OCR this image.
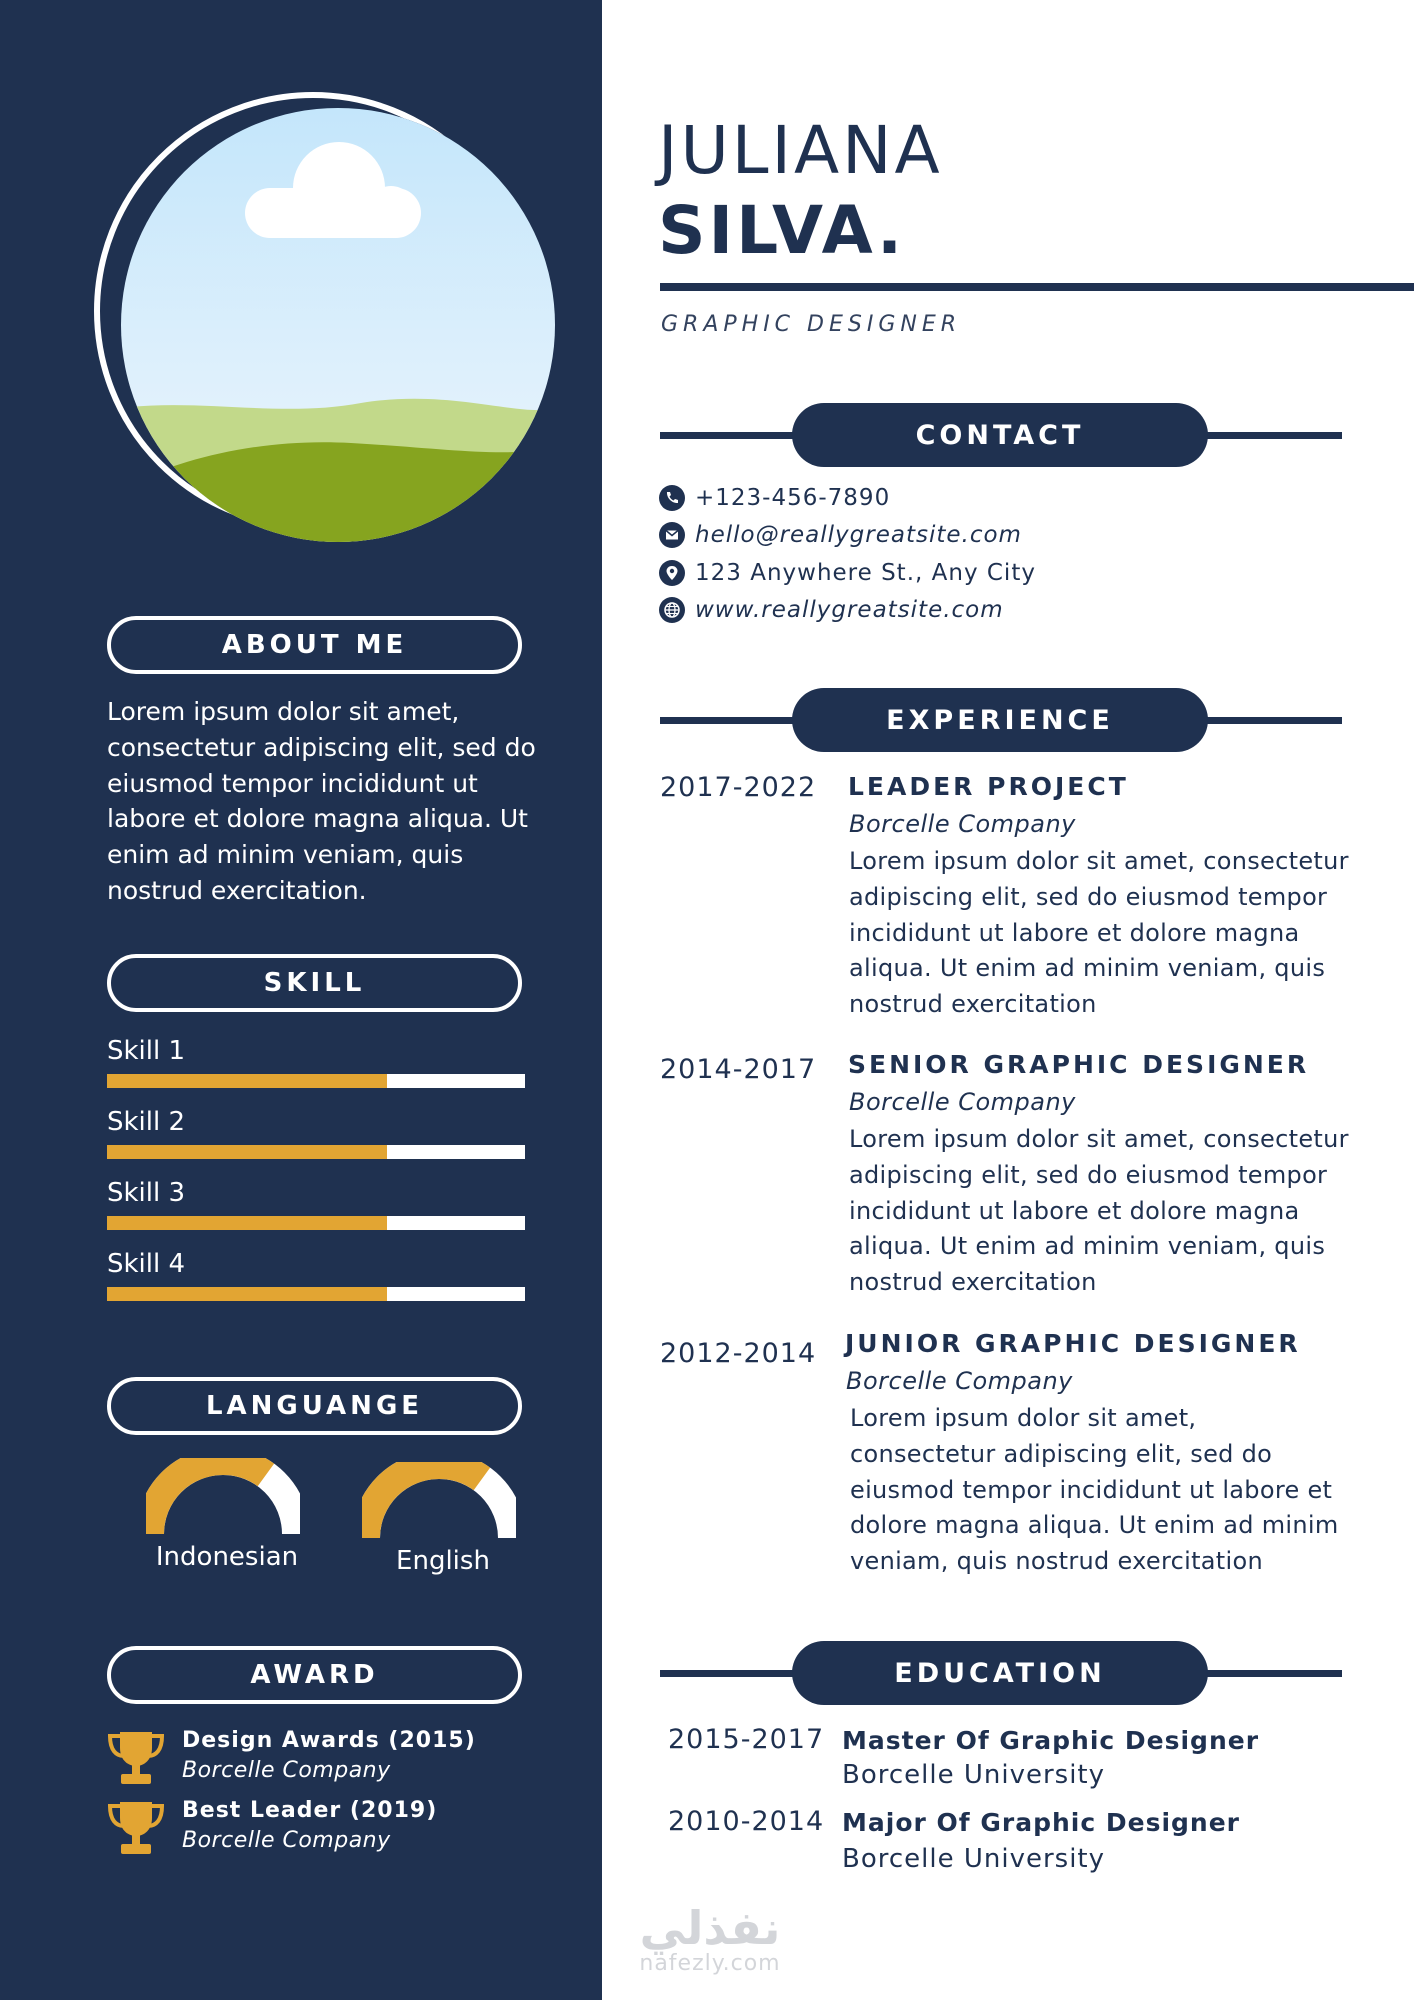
ABOUT ME
Lorem ipsum dolor sit amet,
consectetur adipiscing elit, sed do
eiusmod tempor incididunt ut
labore et dolore magna aliqua. Ut
enim ad minim veniam, quis
nostrud exercitation.
SKILL
Skill 1
Skill 2
Skill 3
Skill 4
LANGUANGE
Indonesian	English
AWARD
Design Awards (2015)
Borcelle Company
Best Leader (2019)
Borcelle Company
JULIANA
SILVA.
GRAPHIC DESIGNER
CONTACT
+123-456-7890
hello@reallygreatsite.com
123 Anywhere St., Any City
www.reallygreatsite.com
EXPERIENCE
2017-2022 LEADER PROJECT
Borcelle Company
Lorem ipsum dolor sit amet, consectetur
adipiscing elit, sed do eiusmod tempor
incididunt ut labore et dolore magna
aliqua. Ut enim ad minim veniam, quis
nostrud exercitation
2014-2017 SENIOR GRAPHIC DESIGNER
Borcelle Company
Lorem ipsum dolor sit amet, consectetur
adipiscing elit, sed do eiusmod tempor
incididunt ut labore et dolore magna
aliqua. Ut enim ad minim veniam, quis
nostrud exercitation
2012-2014 JUNIOR GRAPHIC DESIGNER
Borcelle Company
Lorem ipsum dolor sit amet,
consectetur adipiscing elit, sed do
eiusmod tempor incididunt ut labore et
dolore magna aliqua. Ut enim ad minim
veniam, quis nostrud exercitation
EDUCATION
2015-2017 Master Of Graphic Designer
Borcelle University
2010-2014 Major Of Graphic Designer
Borcelle University
نفذلي
nafezly.com
